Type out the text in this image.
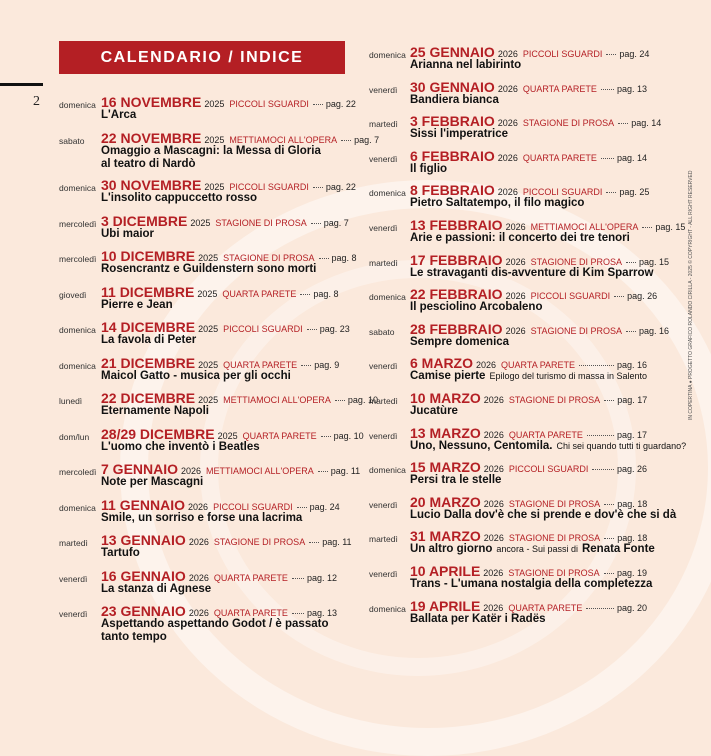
2
CALENDARIO / INDICE
IN COPERTINA ● PROGETTO GRAFICO ROLANDO CIRILLA - 2025 © COPYRIGHT - ALL RIGHT RESERVED
domenica 16 NOVEMBRE 2025 PICCOLI SGUARDI pag. 22
L'Arca
sabato 22 NOVEMBRE 2025 METTIAMOCI ALL'OPERA pag. 7
Omaggio a Mascagni: la Messa di Gloria
al teatro di Nardò
domenica 30 NOVEMBRE 2025 PICCOLI SGUARDI pag. 22
L'insolito cappuccetto rosso
mercoledì 3 DICEMBRE 2025 STAGIONE DI PROSA pag. 7
Ubi maior
mercoledì 10 DICEMBRE 2025 STAGIONE DI PROSA pag. 8
Rosencrantz e Guildenstern sono morti
giovedì 11 DICEMBRE 2025 QUARTA PARETE pag. 8
Pierre e Jean
domenica 14 DICEMBRE 2025 PICCOLI SGUARDI pag. 23
La favola di Peter
domenica 21 DICEMBRE 2025 QUARTA PARETE pag. 9
Maicol Gatto - musica per gli occhi
lunedì 22 DICEMBRE 2025 METTIAMOCI ALL'OPERA pag. 10
Eternamente Napoli
dom/lun 28/29 DICEMBRE 2025 QUARTA PARETE pag. 10
L'uomo che inventò i Beatles
mercoledì 7 GENNAIO 2026 METTIAMOCI ALL'OPERA pag. 11
Note per Mascagni
domenica 11 GENNAIO 2026 PICCOLI SGUARDI pag. 24
Smile, un sorriso e forse una lacrima
martedì 13 GENNAIO 2026 STAGIONE DI PROSA pag. 11
Tartufo
venerdì 16 GENNAIO 2026 QUARTA PARETE pag. 12
La stanza di Agnese
venerdì 23 GENNAIO 2026 QUARTA PARETE pag. 13
Aspettando aspettando Godot / è passato
tanto tempo
domenica 25 GENNAIO 2026 PICCOLI SGUARDI pag. 24
Arianna nel labirinto
venerdì 30 GENNAIO 2026 QUARTA PARETE pag. 13
Bandiera bianca
martedì 3 FEBBRAIO 2026 STAGIONE DI PROSA pag. 14
Sissi l'imperatrice
venerdì 6 FEBBRAIO 2026 QUARTA PARETE pag. 14
Il figlio
domenica 8 FEBBRAIO 2026 PICCOLI SGUARDI pag. 25
Pietro Saltatempo, il filo magico
venerdì 13 FEBBRAIO 2026 METTIAMOCI ALL'OPERA pag. 15
Arie e passioni: il concerto dei tre tenori
martedì 17 FEBBRAIO 2026 STAGIONE DI PROSA pag. 15
Le stravaganti dis-avventure di Kim Sparrow
domenica 22 FEBBRAIO 2026 PICCOLI SGUARDI pag. 26
Il pesciolino Arcobaleno
sabato 28 FEBBRAIO 2026 STAGIONE DI PROSA pag. 16
Sempre domenica
venerdì 6 MARZO 2026 QUARTA PARETE	pag. 16
Camise pierte Epilogo del turismo di massa in Salento
martedì 10 MARZO 2026 STAGIONE DI PROSA pag. 17
Jucatùre
venerdì 13 MARZO 2026 QUARTA PARETE	pag. 17
Uno, Nessuno, Centomila. Chi sei quando tutti ti guardano?
domenica 15 MARZO 2026 PICCOLI SGUARDI	pag. 26
Persi tra le stelle
venerdì 20 MARZO 2026 STAGIONE DI PROSA pag. 18
Lucio Dalla dov'è che si prende e dov'è che si dà
martedì 31 MARZO 2026 STAGIONE DI PROSA pag. 18
Un altro giorno ancora - Sui passi di Renata Fonte
venerdì 10 APRILE 2026 STAGIONE DI PROSA pag. 19
Trans - L'umana nostalgia della completezza
domenica 19 APRILE 2026 QUARTA PARETE	pag. 20
Ballata per Katër i Radës
